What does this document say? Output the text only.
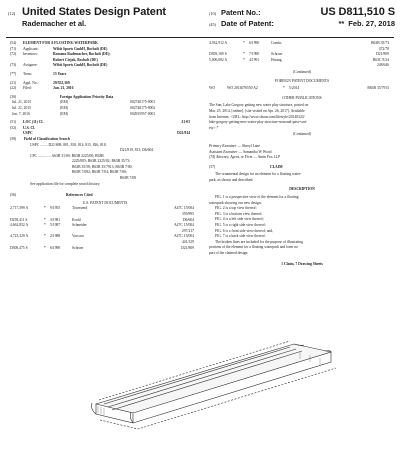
(12) United States Design Patent
Rademacher et al.
(10) Patent No.:	US D811,510 S
(45) Date of Patent:	** Feb. 27, 2018
(54) ELEMENT FOR A FLOATING WATERPARK
(71) Applicant:	Wibit Sports GmbH, Bocholt (DE)
(72) Inventors:	Romano Rademacher, Bocholt (DE);
Robert Cirjak, Bocholt (DE)
(73) Assignee:	Wibit Sports GmbH, Bocholt (DE)
(**) Term:	15 Years
(21) Appl. No.:	29/552,369
(22) Filed:	Jan. 21, 2016
(30)	Foreign Application Priority Data
Jul. 21, 2015	(EM)	002740175-0001
Jul. 21, 2015	(EM)	002740175-0002
Jan. 7, 2016	(EM)	002935957-0001
(51)	LOC (11) Cl.	21-03
(52)	U.S. Cl.
USPC	D21/814
(58) Field of Classification Search
USPC ........ D21/698, 801, 810, 814, 815, 826, 818,
D21/819, 811; D6/604
CPC .............. A63B 31/00; B63B 2225/00; B63B
2225/005; B63B 2225/02; B63B 35/73;
B63B 35/58; B63B 35/7913; B63B 7/00;
B63B 7/082; B63B 7/04; B63B 7/06;
B63B 7/08
See application file for complete search history.
(56)	References Cited
U.S. PATENT DOCUMENTS
2,717,399 A	*	9/1955	Townsend	A47C 15/004
359/895
D258,411 S	*	3/1981	Krohl	D6/604
4,662,852 A	*	5/1987	Schneider	A47C 15/004
297/217
4,723,329 A	*	2/1988	Vaccaro	A47C 15/004
441/129
D308,475 S	*	6/1990	Schroer	D21/809
4,932,912 A	*	6/1990	Combs	B63B 35/73
472/78
D309,169 S	*	7/1990	Schroer	D21/809
5,006,082 A	*	4/1991	Hwang	B63C 9/24
248/646
(Continued)
FOREIGN PATENT DOCUMENTS
WO	WO 2014076550 A2	*	5/2014	B63B 35/7913
OTHER PUBLICATIONS
The Sun, Lake Gregory getting new water play structure, posted on
Mar. 25, 2014, [online], [site visited on Apr. 26, 2017]. Available
from Internet, <URL: http://www.sbsun.com/lifestyle/20140323/
lake-gregory-getting-new-water-play-structure-seasonal-pass-vari-
ety>.*
(Continued)
Primary Examiner — Sheryl Lane
Assistant Examiner — Samantha W Wood
(74) Attorney, Agent, or Firm — Amin Fox LLP
(57)	CLAIM
The ornamental design for an element for a floating water-
park, as shown and described.
DESCRIPTION
FIG. 1 is a perspective view of the element for a floating
waterpark showing our new design;
FIG. 2 is a top view thereof;
FIG. 3 is a bottom view thereof;
FIG. 4 is a left side view thereof;
FIG. 5 is a right side view thereof;
FIG. 6 is a front side view thereof; and,
FIG. 7 is a back side view thereof.
The broken lines are included for the purpose of illustrating
portions of the element for a floating waterpark and form no
part of the claimed design.
1 Claim, 7 Drawing Sheets
